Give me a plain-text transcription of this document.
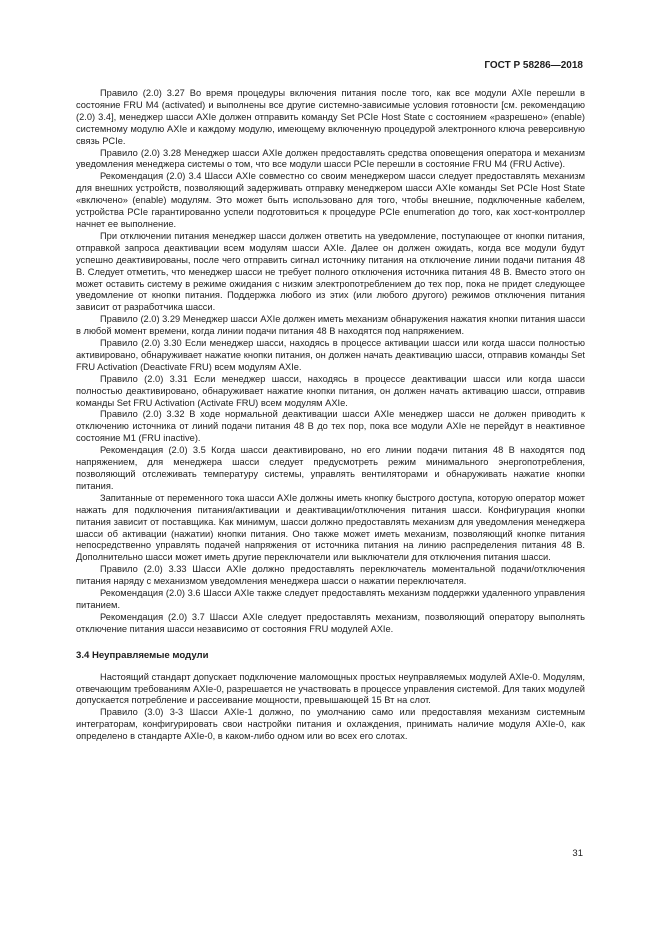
ГОСТ Р 58286—2018

Правило (2.0) 3.27 Во время процедуры включения питания после того, как все модули AXIe перешли в состояние FRU M4 (activated) и выполнены все другие системно-зависимые условия готовности [см. рекомендацию (2.0) 3.4], менеджер шасси AXIe должен отправить команду Set PCIe Host State с состоянием «разрешено» (enable) системному модулю AXIe и каждому модулю, имеющему включенную процедурой электронного ключа реверсивную связь PCIe.

Правило (2.0) 3.28 Менеджер шасси AXIe должен предоставлять средства оповещения оператора и механизм уведомления менеджера системы о том, что все модули шасси PCIe перешли в состояние FRU M4 (FRU Active).

Рекомендация (2.0) 3.4 Шасси AXIe совместно со своим менеджером шасси следует предоставлять механизм для внешних устройств, позволяющий задерживать отправку менеджером шасси AXIe команды Set PCIe Host State «включено» (enable) модулям. Это может быть использовано для того, чтобы внешние, подключенные кабелем, устройства PCIe гарантированно успели подготовиться к процедуре PCIe enumeration до того, как хост-контроллер начнет ее выполнение.

При отключении питания менеджер шасси должен ответить на уведомление, поступающее от кнопки питания, отправкой запроса деактивации всем модулям шасси AXIe. Далее он должен ожидать, когда все модули будут успешно деактивированы, после чего отправить сигнал источнику питания на отключение линии подачи питания 48 В. Следует отметить, что менеджер шасси не требует полного отключения источника питания 48 В. Вместо этого он может оставить систему в режиме ожидания с низким электропотреблением до тех пор, пока не придет следующее уведомление от кнопки питания. Поддержка любого из этих (или любого другого) режимов отключения питания зависит от разработчика шасси.

Правило (2.0) 3.29 Менеджер шасси AXIe должен иметь механизм обнаружения нажатия кнопки питания шасси в любой момент времени, когда линии подачи питания 48 В находятся под напряжением.

Правило (2.0) 3.30 Если менеджер шасси, находясь в процессе активации шасси или когда шасси полностью активировано, обнаруживает нажатие кнопки питания, он должен начать деактивацию шасси, отправив команды Set FRU Activation (Deactivate FRU) всем модулям AXIe.

Правило (2.0) 3.31 Если менеджер шасси, находясь в процессе деактивации шасси или когда шасси полностью деактивировано, обнаруживает нажатие кнопки питания, он должен начать активацию шасси, отправив команды Set FRU Activation (Activate FRU) всем модулям AXIe.

Правило (2.0) 3.32 В ходе нормальной деактивации шасси AXIe менеджер шасси не должен приводить к отключению источника от линий подачи питания 48 В до тех пор, пока все модули AXIe не перейдут в неактивное состояние M1 (FRU inactive).

Рекомендация (2.0) 3.5 Когда шасси деактивировано, но его линии подачи питания 48 В находятся под напряжением, для менеджера шасси следует предусмотреть режим минимального энергопотребления, позволяющий отслеживать температуру системы, управлять вентиляторами и обнаруживать нажатие кнопки питания.

Запитанные от переменного тока шасси AXIe должны иметь кнопку быстрого доступа, которую оператор может нажать для подключения питания/активации и деактивации/отключения питания шасси. Конфигурация кнопки питания зависит от поставщика. Как минимум, шасси должно предоставлять механизм для уведомления менеджера шасси об активации (нажатии) кнопки питания. Оно также может иметь механизм, позволяющий кнопке питания непосредственно управлять подачей напряжения от источника питания на линию распределения питания 48 В. Дополнительно шасси может иметь другие переключатели или выключатели для отключения питания шасси.

Правило (2.0) 3.33 Шасси AXIe должно предоставлять переключатель моментальной подачи/отключения питания наряду с механизмом уведомления менеджера шасси о нажатии переключателя.

Рекомендация (2.0) 3.6 Шасси AXIe также следует предоставлять механизм поддержки удаленного управления питанием.

Рекомендация (2.0) 3.7 Шасси AXIe следует предоставлять механизм, позволяющий оператору выполнять отключение питания шасси независимо от состояния FRU модулей AXIe.

3.4 Неуправляемые модули

Настоящий стандарт допускает подключение маломощных простых неуправляемых модулей AXIe-0. Модулям, отвечающим требованиям AXIe-0, разрешается не участвовать в процессе управления системой. Для таких модулей допускается потребление и рассеивание мощности, превышающей 15 Вт на слот.

Правило (3.0) 3-3 Шасси AXIe-1 должно, по умолчанию само или предоставляя механизм системным интеграторам, конфигурировать свои настройки питания и охлаждения, принимать наличие модуля AXIe-0, как определено в стандарте AXIe-0, в каком-либо одном или во всех его слотах.

31
